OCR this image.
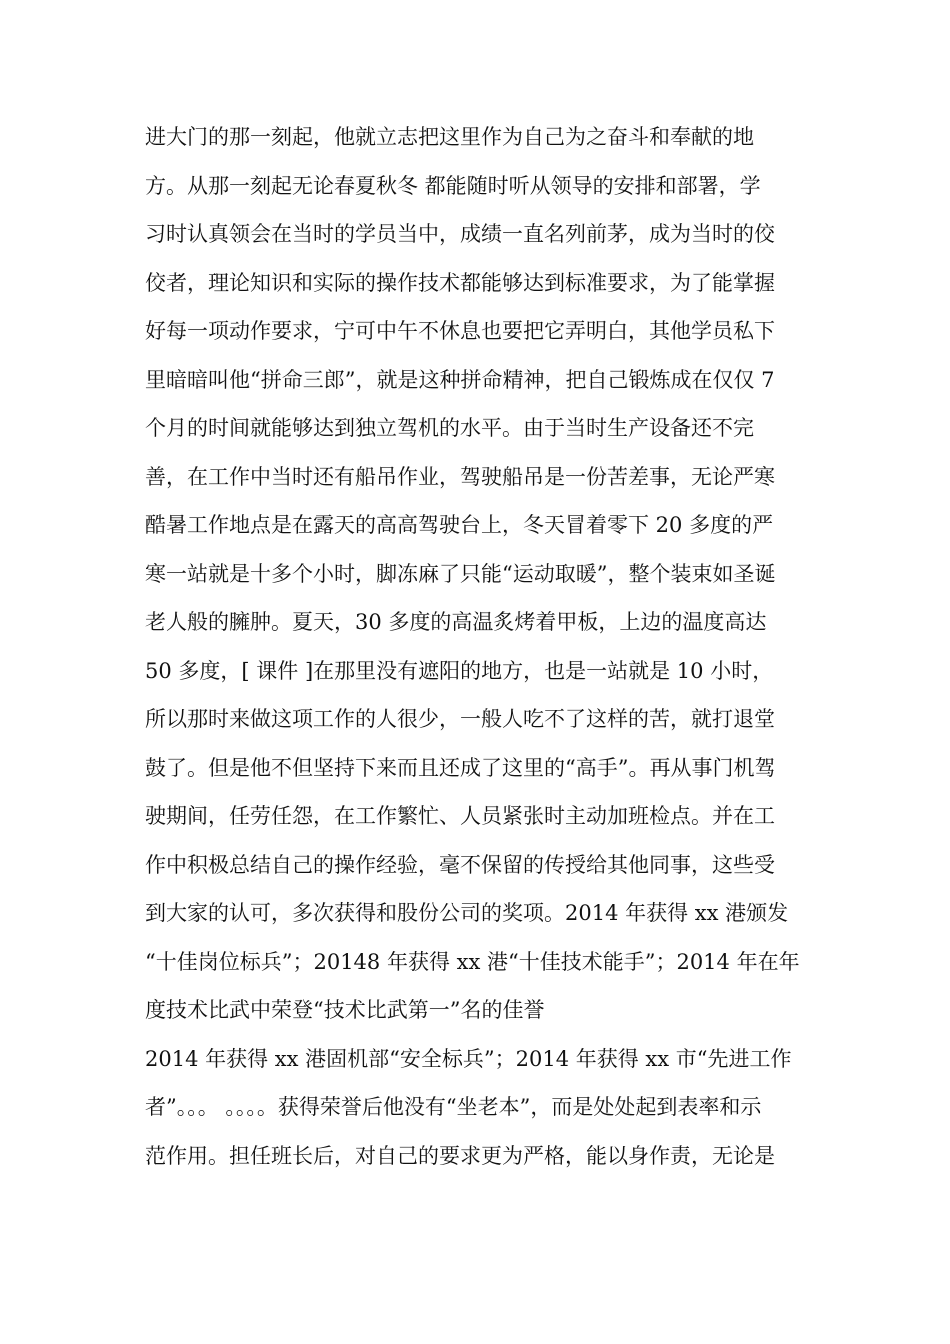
进大门的那一刻起，他就立志把这里作为自己为之奋斗和奉献的地
方。从那一刻起无论春夏秋冬 都能随时听从领导的安排和部署，学
习时认真领会在当时的学员当中，成绩一直名列前茅，成为当时的佼
佼者，理论知识和实际的操作技术都能够达到标准要求，为了能掌握
好每一项动作要求，宁可中午不休息也要把它弄明白，其他学员私下
里暗暗叫他“拼命三郎”，就是这种拼命精神，把自己锻炼成在仅仅 7
个月的时间就能够达到独立驾机的水平。由于当时生产设备还不完
善，在工作中当时还有船吊作业，驾驶船吊是一份苦差事，无论严寒
酷暑工作地点是在露天的高高驾驶台上，冬天冒着零下 20 多度的严
寒一站就是十多个小时，脚冻麻了只能“运动取暖”，整个装束如圣诞
老人般的臃肿。夏天，30 多度的高温炙烤着甲板，上边的温度高达
50 多度，[ 课件 ]在那里没有遮阳的地方，也是一站就是 10 小时，
所以那时来做这项工作的人很少，一般人吃不了这样的苦，就打退堂
鼓了。但是他不但坚持下来而且还成了这里的“高手”。再从事门机驾
驶期间，任劳任怨，在工作繁忙、人员紧张时主动加班检点。并在工
作中积极总结自己的操作经验，毫不保留的传授给其他同事，这些受
到大家的认可，多次获得和股份公司的奖项。2014 年获得 xx 港颁发
“十佳岗位标兵”；20148 年获得 xx 港“十佳技术能手”；2014 年在年
度技术比武中荣登“技术比武第一”名的佳誉
2014 年获得 xx 港固机部“安全标兵”；2014 年获得 xx 市“先进工作
者”。。。 。。。。获得荣誉后他没有“坐老本”，而是处处起到表率和示
范作用。担任班长后，对自己的要求更为严格，能以身作责，无论是
